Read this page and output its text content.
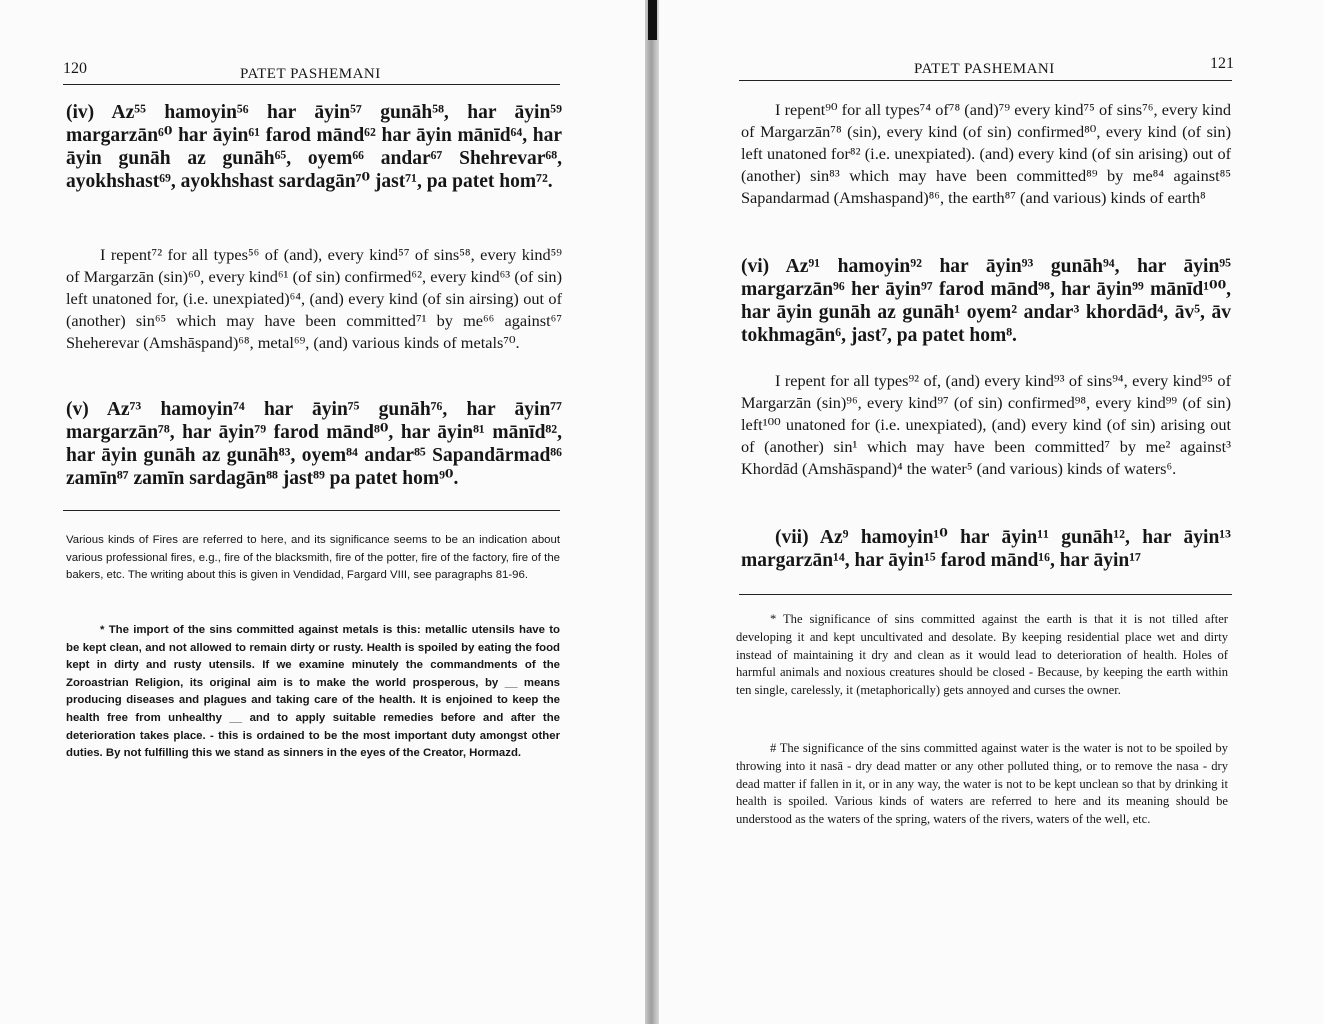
120	PATET PASHEMANI
(iv) Az⁵⁵ hamoyin⁵⁶ har āyin⁵⁷ gunāh⁵⁸, har āyin⁵⁹ margarzān⁶⁰ har āyin⁶¹ farod mānd⁶² har āyin mānīd⁶⁴, har āyin gunāh az gunāh⁶⁵, oyem⁶⁶ andar⁶⁷ Shehrevar⁶⁸, ayokhshast⁶⁹, ayokhshast sardagān⁷⁰ jast⁷¹, pa patet hom⁷².
I repent⁷² for all types⁵⁶ of (and), every kind⁵⁷ of sins⁵⁸, every kind⁵⁹ of Margarzān (sin)⁶⁰, every kind⁶¹ (of sin) confirmed⁶², every kind⁶³ (of sin) left unatoned for, (i.e. unexpiated)⁶⁴, (and) every kind (of sin airsing) out of (another) sin⁶⁵ which may have been committed⁷¹ by me⁶⁶ against⁶⁷ Sheherevar (Amshāspand)⁶⁸, metal⁶⁹, (and) various kinds of metals⁷⁰.
(v) Az⁷³ hamoyin⁷⁴ har āyin⁷⁵ gunāh⁷⁶, har āyin⁷⁷ margarzān⁷⁸, har āyin⁷⁹ farod mānd⁸⁰, har āyin⁸¹ mānīd⁸², har āyin gunāh az gunāh⁸³, oyem⁸⁴ andar⁸⁵ Sapandārmad⁸⁶ zamīn⁸⁷ zamīn sardagān⁸⁸ jast⁸⁹ pa patet hom⁹⁰.
Various kinds of Fires are referred to here, and its significance seems to be an indication about various professional fires, e.g., fire of the blacksmith, fire of the potter, fire of the factory, fire of the bakers, etc. The writing about this is given in Vendidad, Fargard VIII, see paragraphs 81-96.
* The import of the sins committed against metals is this: metallic utensils have to be kept clean, and not allowed to remain dirty or rusty. Health is spoiled by eating the food kept in dirty and rusty utensils. If we examine minutely the commandments of the Zoroastrian Religion, its original aim is to make the world prosperous, by __ means producing diseases and plagues and taking care of the health. It is enjoined to keep the health free from unhealthy __ and to apply suitable remedies before and after the deterioration takes place. - this is ordained to be the most important duty amongst other duties. By not fulfilling this we stand as sinners in the eyes of the Creator, Hormazd.
121
PATET PASHEMANI
I repent⁹⁰ for all types⁷⁴ of⁷⁸ (and)⁷⁹ every kind⁷⁵ of sins⁷⁶, every kind of Margarzān⁷⁸ (sin), every kind (of sin) confirmed⁸⁰, every kind (of sin) left unatoned for⁸² (i.e. unexpiated). (and) every kind (of sin arising) out of (another) sin⁸³ which may have been committed⁸⁹ by me⁸⁴ against⁸⁵ Sapandarmad (Amshaspand)⁸⁶, the earth⁸⁷ (and various) kinds of earth⁸
(vi) Az⁹¹ hamoyin⁹² har āyin⁹³ gunāh⁹⁴, har āyin⁹⁵ margarzān⁹⁶ her āyin⁹⁷ farod mānd⁹⁸, har āyin⁹⁹ mānīd¹⁰⁰, har āyin gunāh az gunāh¹ oyem² andar³ khordād⁴, āv⁵, āv tokhmagān⁶, jast⁷, pa patet hom⁸.
I repent for all types⁹² of, (and) every kind⁹³ of sins⁹⁴, every kind⁹⁵ of Margarzān (sin)⁹⁶, every kind⁹⁷ (of sin) confirmed⁹⁸, every kind⁹⁹ (of sin) left¹⁰⁰ unatoned for (i.e. unexpiated), (and) every kind (of sin) arising out of (another) sin¹ which may have been committed⁷ by me² against³ Khordād (Amshāspand)⁴ the water⁵ (and various) kinds of waters⁶.
(vii) Az⁹ hamoyin¹⁰ har āyin¹¹ gunāh¹², har āyin¹³ margarzān¹⁴, har āyin¹⁵ farod mānd¹⁶, har āyin¹⁷
* The significance of sins committed against the earth is that it is not tilled after developing it and kept uncultivated and desolate. By keeping residential place wet and dirty instead of maintaining it dry and clean as it would lead to deterioration of health. Holes of harmful animals and noxious creatures should be closed - Because, by keeping the earth within ten single, carelessly, it (metaphorically) gets annoyed and curses the owner.
# The significance of the sins committed against water is the water is not to be spoiled by throwing into it nasā - dry dead matter or any other polluted thing, or to remove the nasa - dry dead matter if fallen in it, or in any way, the water is not to be kept unclean so that by drinking it health is spoiled. Various kinds of waters are referred to here and its meaning should be understood as the waters of the spring, waters of the rivers, waters of the well, etc.
